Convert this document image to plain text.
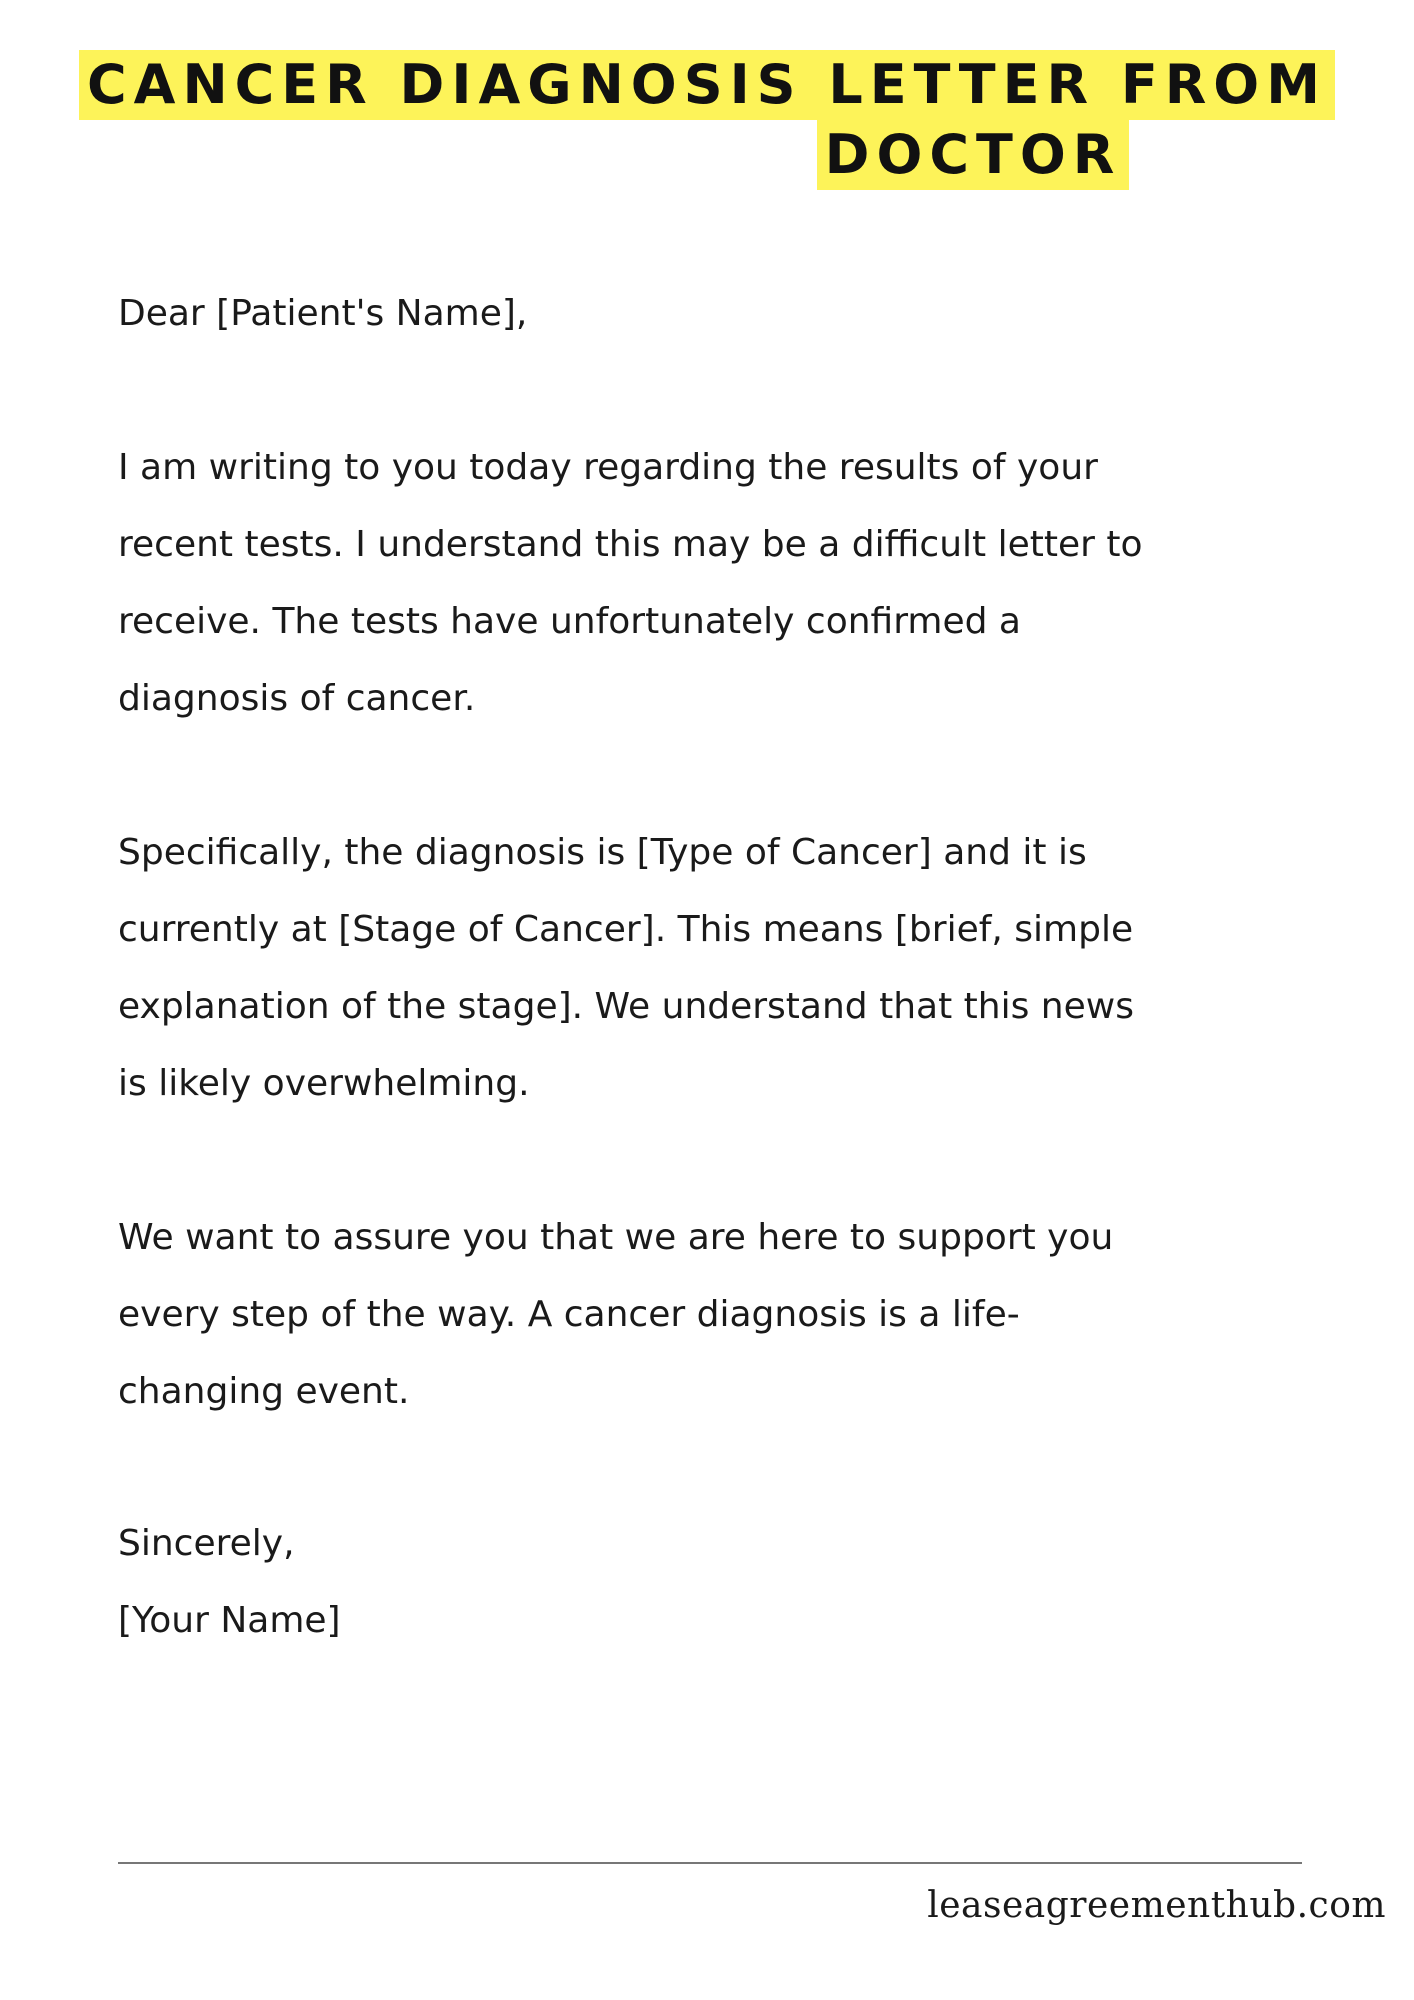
CANCER DIAGNOSIS LETTER FROM
DOCTOR

Dear [Patient's Name],

I am writing to you today regarding the results of your
recent tests. I understand this may be a difficult letter to
receive. The tests have unfortunately confirmed a
diagnosis of cancer.

Specifically, the diagnosis is [Type of Cancer] and it is
currently at [Stage of Cancer]. This means [brief, simple
explanation of the stage]. We understand that this news
is likely overwhelming.

We want to assure you that we are here to support you
every step of the way. A cancer diagnosis is a life-
changing event.

Sincerely,
[Your Name]
leaseagreementhub.com
